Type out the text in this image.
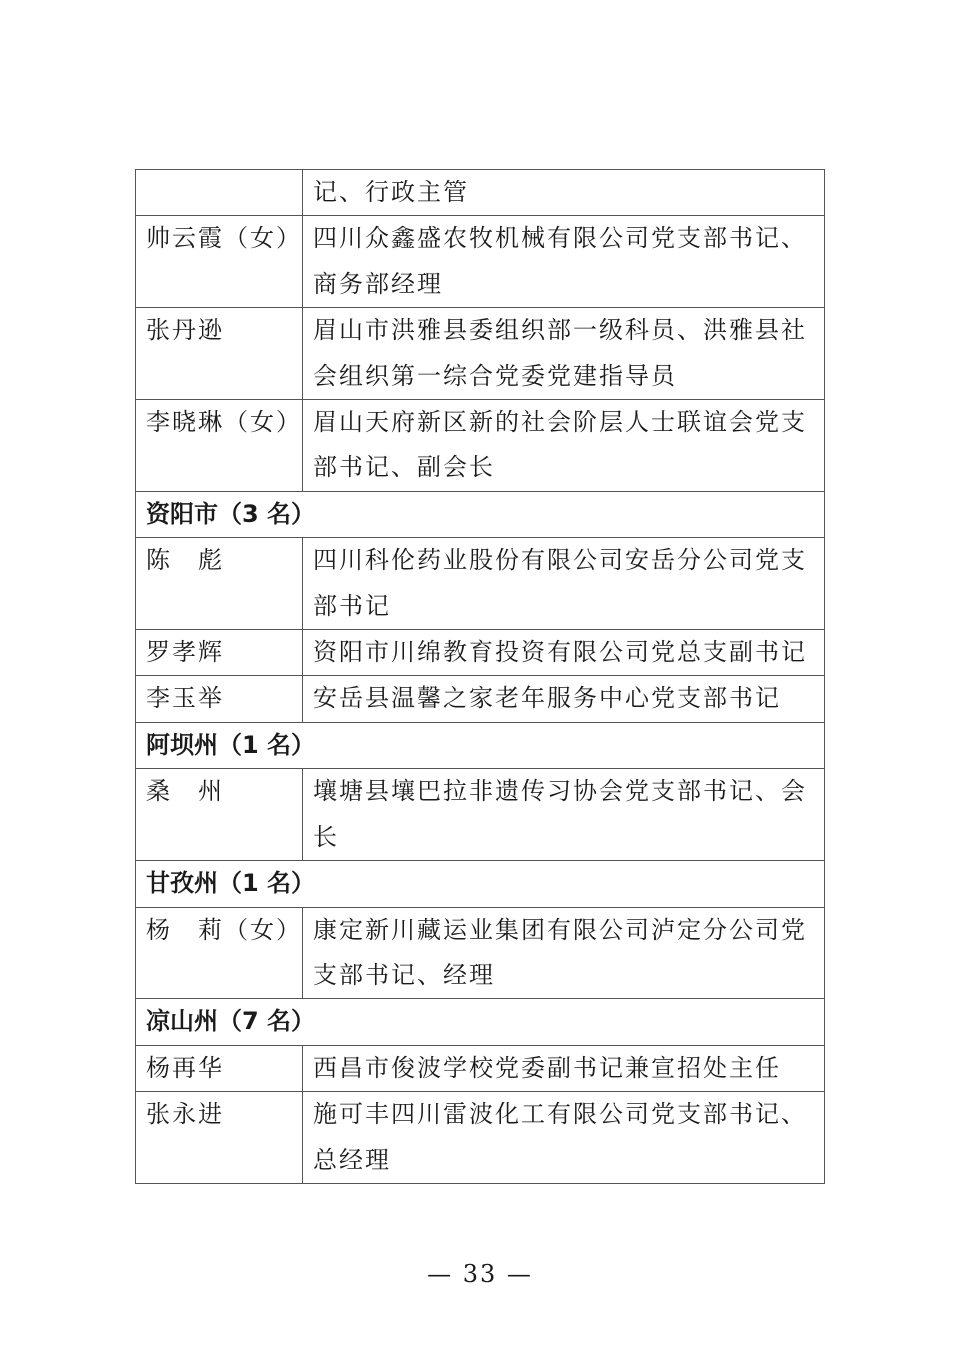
	记、行政主管
帅云霞（女）	四川众鑫盛农牧机械有限公司党支部书记、商务部经理
张丹逊	眉山市洪雅县委组织部一级科员、洪雅县社会组织第一综合党委党建指导员
李晓琳（女）	眉山天府新区新的社会阶层人士联谊会党支部书记、副会长
资阳市（3 名）	
陈　彪	四川科伦药业股份有限公司安岳分公司党支部书记
罗孝辉	资阳市川绵教育投资有限公司党总支副书记
李玉举	安岳县温馨之家老年服务中心党支部书记
阿坝州（1 名）	
桑　州	壤塘县壤巴拉非遗传习协会党支部书记、会长
甘孜州（1 名）	
杨　莉（女）	康定新川藏运业集团有限公司泸定分公司党支部书记、经理
凉山州（7 名）	
杨再华	西昌市俊波学校党委副书记兼宣招处主任
张永进	施可丰四川雷波化工有限公司党支部书记、总经理
— 33 —
